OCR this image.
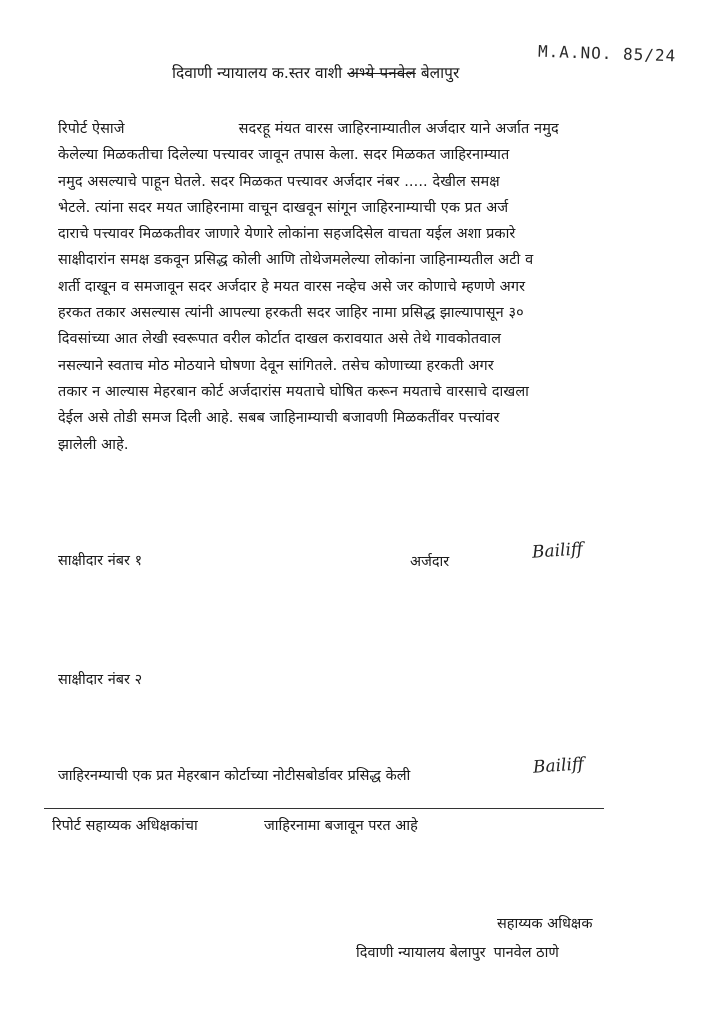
दिवाणी न्यायालय क.स्तर वाशी अभ्ये पनवेल बेलापुर
M.A.NO. 85/24
रिपोर्ट ऐसाजे	सदरहू मंयत वारस जाहिरनाम्यातील अर्जदार याने अर्जात नमुद
केलेल्या मिळकतीचा दिलेल्या पत्त्यावर जावून तपास केला. सदर मिळकत जाहिरनाम्यात
नमुद असल्याचे पाहून घेतले. सदर मिळकत पत्त्यावर अर्जदार नंबर ..... देखील समक्ष
भेटले. त्यांना सदर मयत जाहिरनामा वाचून दाखवून सांगून जाहिरनाम्याची एक प्रत अर्ज
दाराचे पत्त्यावर मिळकतीवर जाणारे येणारे लोकांना सहजदिसेल वाचता यईल अशा प्रकारे
साक्षीदारांन समक्ष डकवून प्रसिद्ध कोली आणि तोथेजमलेल्या लोकांना जाहिनाम्यतील अटी व
शर्ती दाखून व समजावून सदर अर्जदार हे मयत वारस नव्हेच असे जर कोणाचे म्हणणे अगर
हरकत तकार असल्यास त्यांनी आपल्या हरकती सदर जाहिर नामा प्रसिद्ध झाल्यापासून ३०
दिवसांच्या आत लेखी स्वरूपात वरील कोर्टात दाखल करावयात असे तेथे गावकोतवाल
नसल्याने स्वताच मोठ मोठयाने घोषणा देवून सांगितले. तसेच कोणाच्या हरकती अगर
तकार न आल्यास मेहरबान कोर्ट अर्जदारांस मयताचे घोषित करून मयताचे वारसाचे दाखला
देईल असे तोडी समज दिली आहे. सबब जाहिनाम्याची बजावणी मिळकतींवर पत्त्यांवर
झालेली आहे.
साक्षीदार नंबर १	अर्जदार	Bailiff
साक्षीदार नंबर २
जाहिरनम्याची एक प्रत मेहरबान कोर्टाच्या नोटीसबोर्डावर प्रसिद्ध केली	Bailiff
रिपोर्ट सहाय्यक अधिक्षकांचा	जाहिरनामा बजावून परत आहे
सहाय्यक अधिक्षक
दिवाणी न्यायालय बेलापुर पानवेल ठाणे
